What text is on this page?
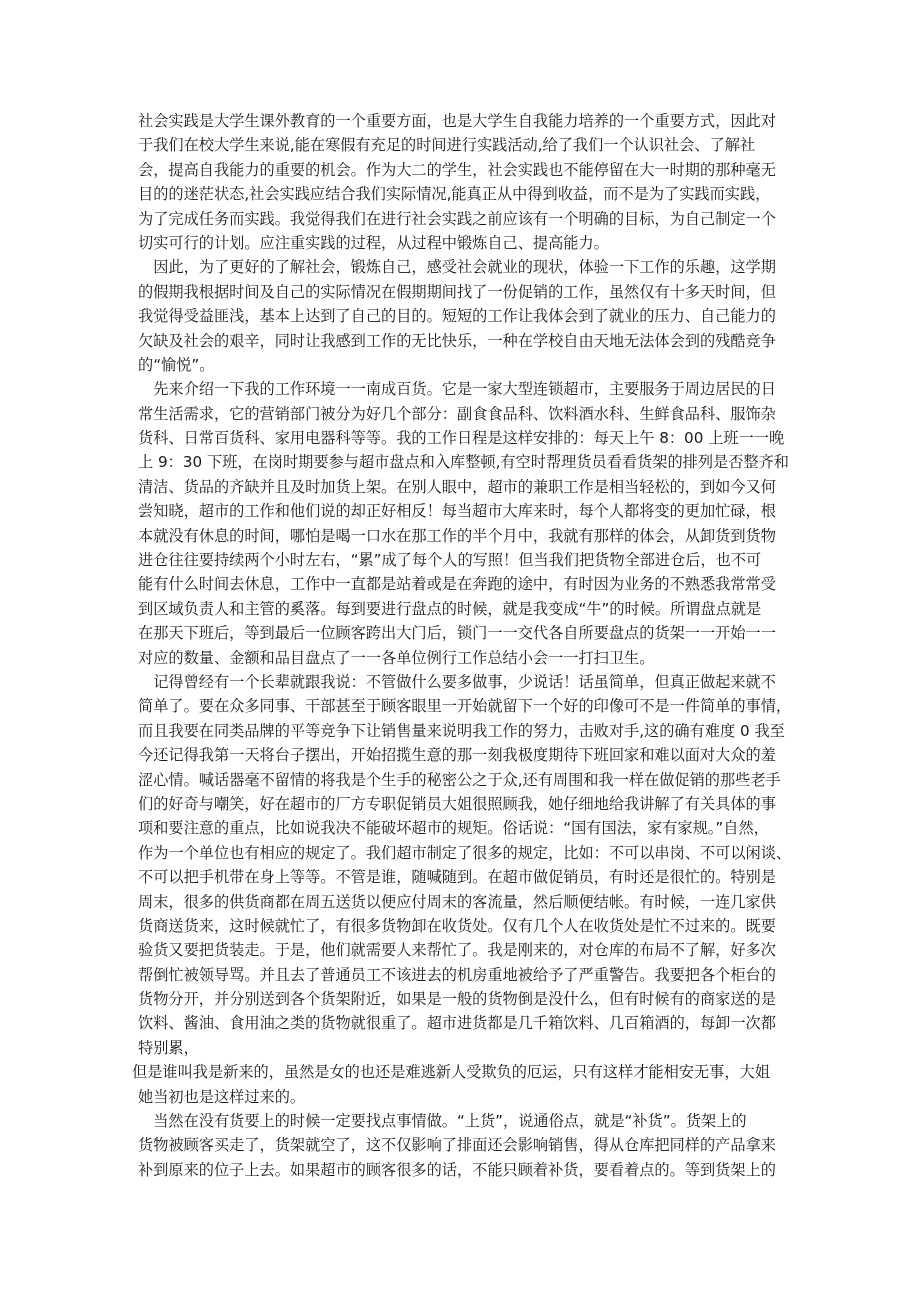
社会实践是大学生课外教育的一个重要方面，也是大学生自我能力培养的一个重要方式，因此对
于我们在校大学生来说,能在寒假有充足的时间进行实践活动,给了我们一个认识社会、了解社
会，提高自我能力的重要的机会。作为大二的学生，社会实践也不能停留在大一时期的那种毫无
目的的迷茫状态,社会实践应结合我们实际情况,能真正从中得到收益，而不是为了实践而实践，
为了完成任务而实践。我觉得我们在进行社会实践之前应该有一个明确的目标，为自己制定一个
切实可行的计划。应注重实践的过程，从过程中锻炼自己、提高能力。
　因此，为了更好的了解社会，锻炼自己，感受社会就业的现状，体验一下工作的乐趣，这学期
的假期我根据时间及自己的实际情况在假期期间找了一份促销的工作，虽然仅有十多天时间，但
我觉得受益匪浅，基本上达到了自己的目的。短短的工作让我体会到了就业的压力、自己能力的
欠缺及社会的艰辛，同时让我感到工作的无比快乐，一种在学校自由天地无法体会到的残酷竞争
的“愉悦”。
　先来介绍一下我的工作环境一一南成百货。它是一家大型连锁超市，主要服务于周边居民的日
常生活需求，它的营销部门被分为好几个部分：副食食品科、饮料酒水科、生鲜食品科、服饰杂
货科、日常百货科、家用电器科等等。我的工作日程是这样安排的：每天上午 8：00 上班一一晚
上 9：30 下班，在岗时期要参与超市盘点和入库整顿,有空时帮理货员看看货架的排列是否整齐和
清洁、货品的齐缺并且及时加货上架。在别人眼中，超市的兼职工作是相当轻松的，到如今又何
尝知晓，超市的工作和他们说的却正好相反！每当超市大库来时，每个人都将变的更加忙碌，根
本就没有休息的时间，哪怕是喝一口水在那工作的半个月中，我就有那样的体会，从卸货到货物
进仓往往要持续两个小时左右，“累”成了每个人的写照！但当我们把货物全部进仓后，也不可
能有什么时间去休息，工作中一直都是站着或是在奔跑的途中，有时因为业务的不熟悉我常常受
到区域负责人和主管的奚落。每到要进行盘点的时候，就是我变成“牛”的时候。所谓盘点就是
在那天下班后，等到最后一位顾客跨出大门后，锁门一一交代各自所要盘点的货架一一开始一一
对应的数量、金额和品目盘点了一一各单位例行工作总结小会一一打扫卫生。
　记得曾经有一个长辈就跟我说：不管做什么要多做事，少说话！话虽简单，但真正做起来就不
简单了。要在众多同事、干部甚至于顾客眼里一开始就留下一个好的印像可不是一件简单的事情，
而且我要在同类品牌的平等竞争下让销售量来说明我工作的努力，击败对手,这的确有难度 0 我至
今还记得我第一天将台子摆出，开始招揽生意的那一刻我极度期待下班回家和难以面对大众的羞
涩心情。喊话器毫不留情的将我是个生手的秘密公之于众,还有周围和我一样在做促销的那些老手
们的好奇与嘲笑，好在超市的厂方专职促销员大姐很照顾我，她仔细地给我讲解了有关具体的事
项和要注意的重点，比如说我决不能破坏超市的规矩。俗话说：“国有国法，家有家规。”自然，
作为一个单位也有相应的规定了。我们超市制定了很多的规定，比如：不可以串岗、不可以闲谈、
不可以把手机带在身上等等。不管是谁，随喊随到。在超市做促销员，有时还是很忙的。特别是
周末，很多的供货商都在周五送货以便应付周末的客流量，然后顺便结帐。有时候，一连几家供
货商送货来，这时候就忙了，有很多货物卸在收货处。仅有几个人在收货处是忙不过来的。既要
验货又要把货装走。于是，他们就需要人来帮忙了。我是刚来的，对仓库的布局不了解，好多次
帮倒忙被领导骂。并且去了普通员工不该进去的机房重地被给予了严重警告。我要把各个柜台的
货物分开，并分别送到各个货架附近，如果是一般的货物倒是没什么，但有时候有的商家送的是
饮料、酱油、食用油之类的货物就很重了。超市进货都是几千箱饮料、几百箱酒的，每卸一次都
特别累，
但是谁叫我是新来的，虽然是女的也还是难逃新人受欺负的厄运，只有这样才能相安无事，大姐
她当初也是这样过来的。
　当然在没有货要上的时候一定要找点事情做。“上货”，说通俗点，就是“补货”。货架上的
货物被顾客买走了，货架就空了，这不仅影响了排面还会影响销售，得从仓库把同样的产品拿来
补到原来的位子上去。如果超市的顾客很多的话，不能只顾着补货，要看着点的。等到货架上的
